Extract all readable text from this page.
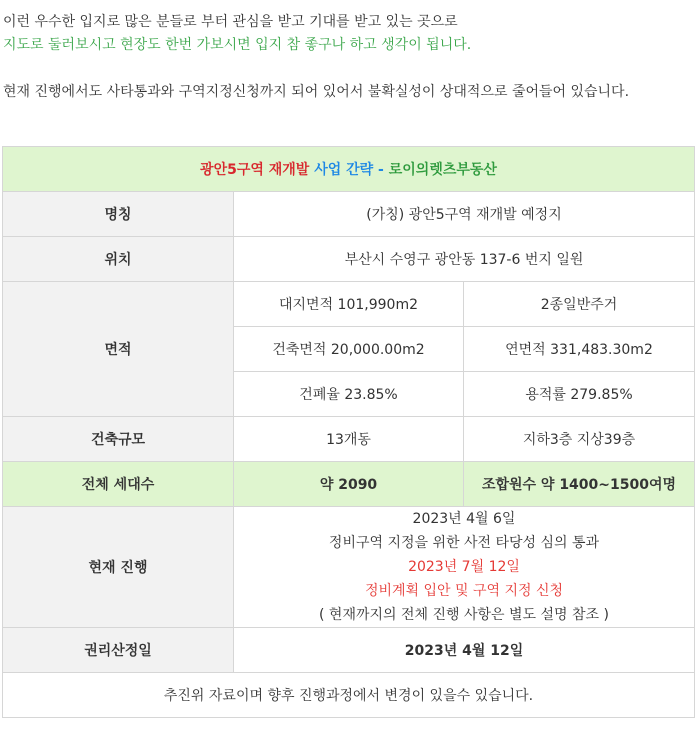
이런 우수한 입지로 많은 분들로 부터 관심을 받고 기대를 받고 있는 곳으로

지도로 둘러보시고 현장도 한번 가보시면 입지 참 좋구나 하고 생각이 됩니다.

현재 진행에서도 사타통과와 구역지정신청까지 되어 있어서 불확실성이 상대적으로 줄어들어 있습니다.

광안5구역 재개발 사업 간략 - 로이의렛츠부동산		
명칭	(가칭) 광안5구역 재개발 예정지	
위치	부산시 수영구 광안동 137-6 번지 일원	
면적	대지면적 101,990m2	2종일반주거
	건축면적 20,000.00m2	연면적 331,483.30m2
	건폐율 23.85%	용적률 279.85%
건축규모	13개동	지하3층 지상39층
전체 세대수	약 2090	조합원수 약 1400~1500여명
현재 진행	2023년 4월 6일
정비구역 지정을 위한 사전 타당성 심의 통과
2023년 7월 12일
정비계획 입안 및 구역 지정 신청
( 현재까지의 전체 진행 사항은 별도 설명 참조 )	

권리산정일	2023년 4월 12일	
추진위 자료이며 향후 진행과정에서 변경이 있을수 있습니다.		
